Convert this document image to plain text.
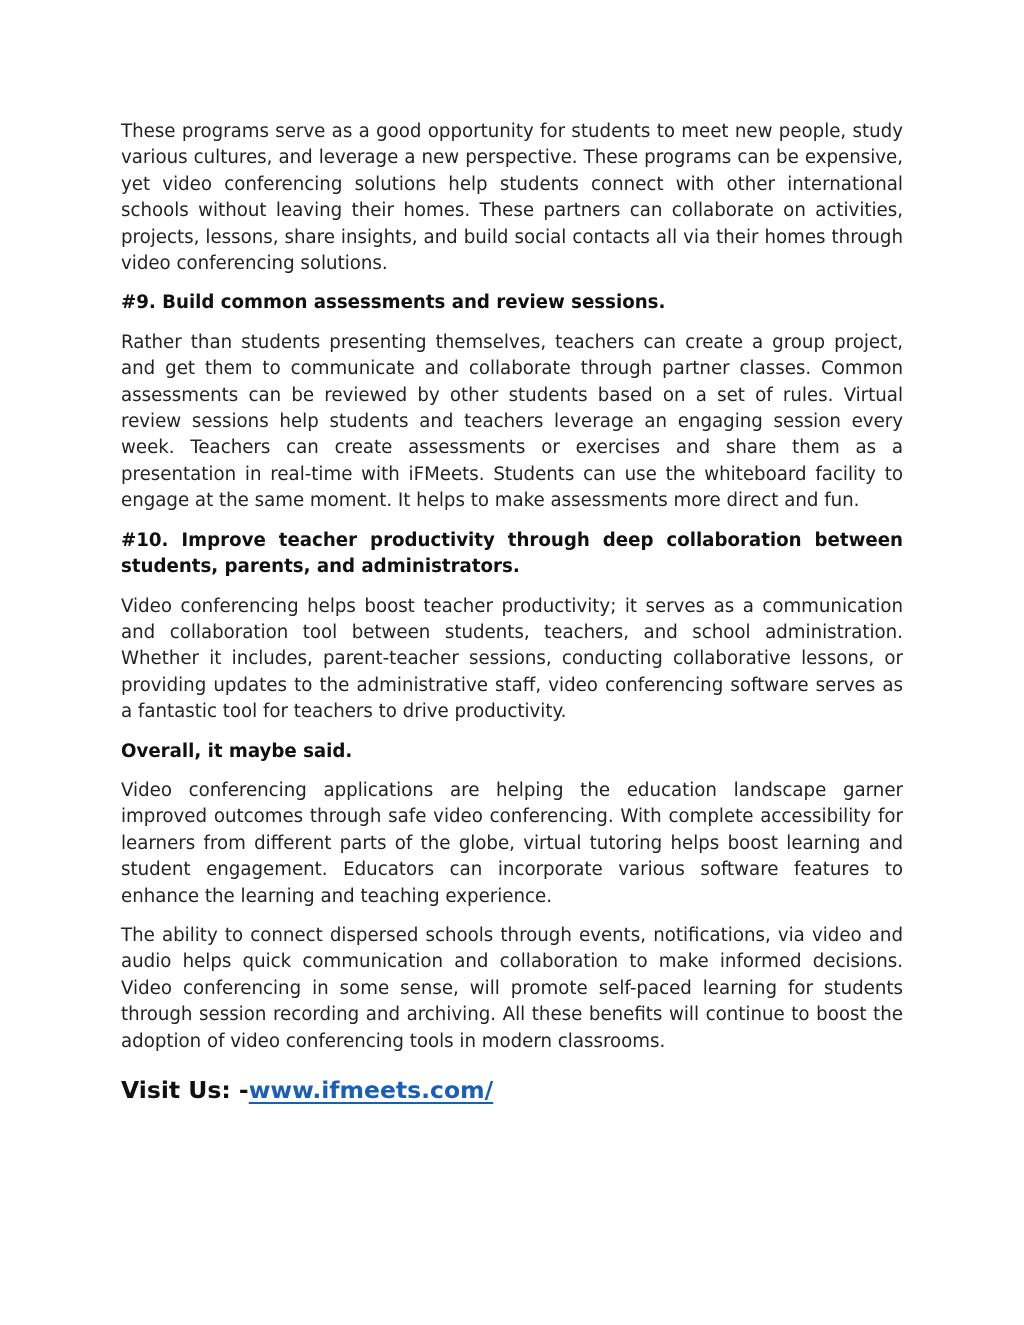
These programs serve as a good opportunity for students to meet new people, study various cultures, and leverage a new perspective. These programs can be expensive, yet video conferencing solutions help students connect with other international schools without leaving their homes. These partners can collaborate on activities, projects, lessons, share insights, and build social contacts all via their homes through video conferencing solutions.

#9. Build common assessments and review sessions.

Rather than students presenting themselves, teachers can create a group project, and get them to communicate and collaborate through partner classes. Common assessments can be reviewed by other students based on a set of rules. Virtual review sessions help students and teachers leverage an engaging session every week. Teachers can create assessments or exercises and share them as a presentation in real-time with iFMeets. Students can use the whiteboard facility to engage at the same moment. It helps to make assessments more direct and fun.

#10. Improve teacher productivity through deep collaboration between students, parents, and administrators.

Video conferencing helps boost teacher productivity; it serves as a communication and collaboration tool between students, teachers, and school administration. Whether it includes, parent-teacher sessions, conducting collaborative lessons, or providing updates to the administrative staff, video conferencing software serves as a fantastic tool for teachers to drive productivity.

Overall, it maybe said.

Video conferencing applications are helping the education landscape garner improved outcomes through safe video conferencing. With complete accessibility for learners from different parts of the globe, virtual tutoring helps boost learning and student engagement. Educators can incorporate various software features to enhance the learning and teaching experience.

The ability to connect dispersed schools through events, notifications, via video and audio helps quick communication and collaboration to make informed decisions. Video conferencing in some sense, will promote self-paced learning for students through session recording and archiving. All these benefits will continue to boost the adoption of video conferencing tools in modern classrooms.

Visit Us: -www.ifmeets.com/
